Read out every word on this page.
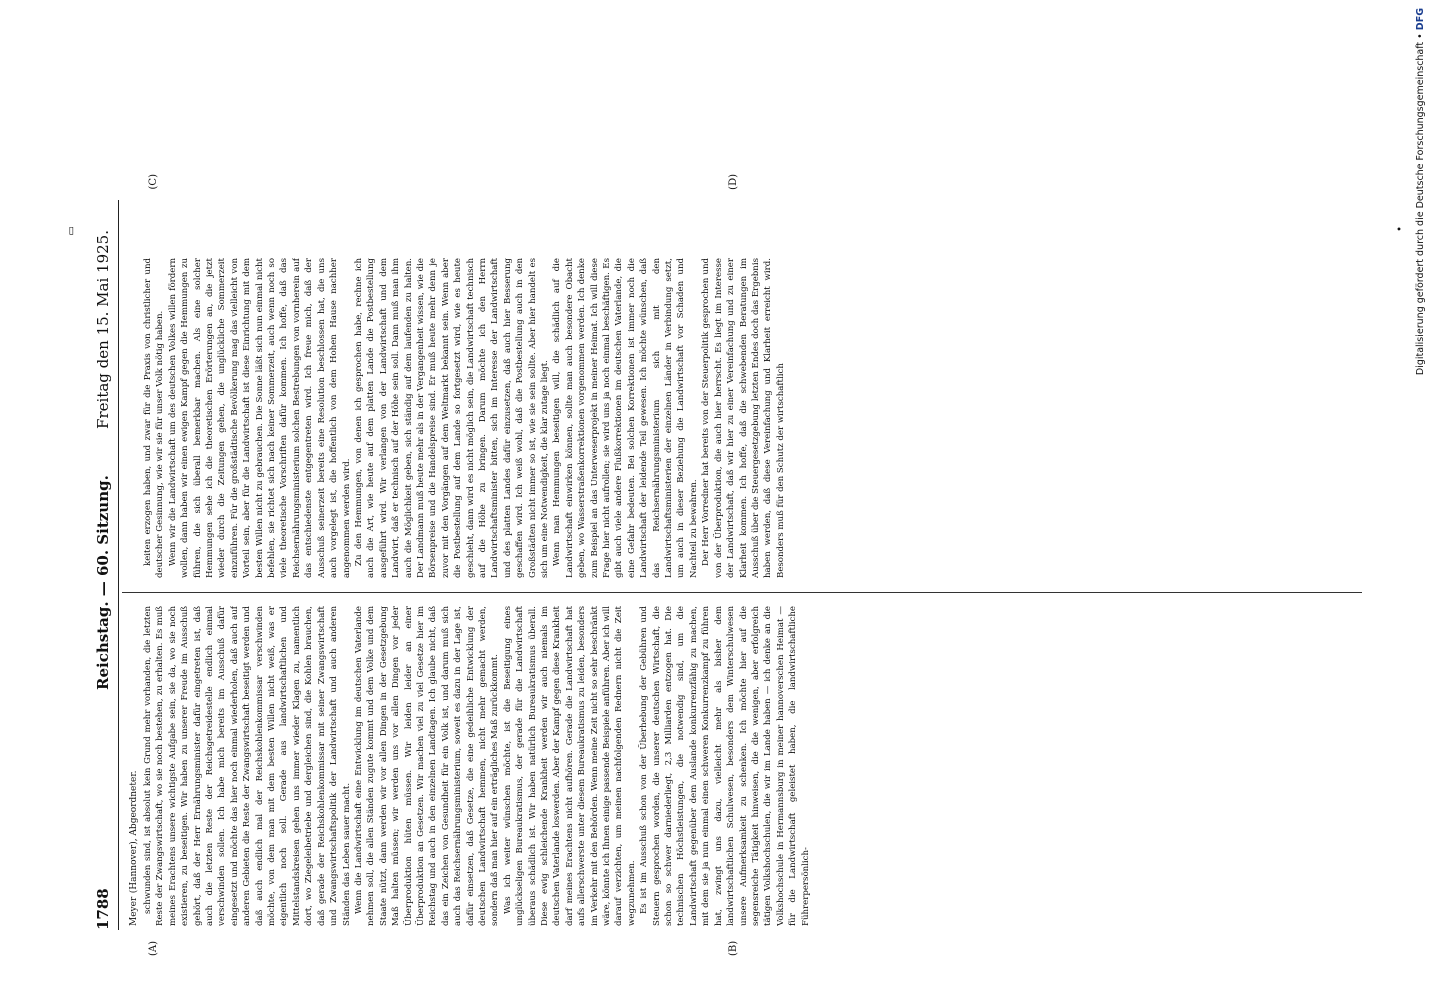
1788
Reichstag. — 60. Sitzung.
Freitag den 15. Mai 1925.
▭	•
Meyer (Hannover), Abgeordneter.
(A)	(B)
(C)	(D)

schwunden sind, ist absolut kein Grund mehr vorhanden, die letzten Reste der Zwangswirtschaft, wo sie noch bestehen, zu erhalten. Es muß meines Erachtens unsere wichtigste Aufgabe sein, sie da, wo sie noch existieren, zu beseitigen. Wir haben zu unserer Freude im Ausschuß gehört, daß der Herr Ernährungsminister dafür eingetreten ist, daß auch die letzten Reste der Reichsgetreidestelle endlich einmal verschwinden sollen. Ich habe mich bereits im Ausschuß dafür eingesetzt und möchte das hier noch einmal wiederholen, daß auch auf anderen Gebieten die Reste der Zwangswirtschaft beseitigt werden und daß auch endlich mal der Reichskohlenkommissar verschwinden möchte, von dem man mit dem besten Willen nicht weiß, was er eigentlich noch soll. Gerade aus landwirtschaftlichen und Mittelstandskreisen gehen uns immer wieder Klagen zu, namentlich dort, wo Ziegeleibetriebe und dergleichen sind, die Kohlen brauchen, daß gerade der Reichskohlenkommissar mit seiner Zwangswirtschaft und Zwangswirtschaftspolitik der Landwirtschaft und auch anderen Ständen das Leben sauer macht. Wenn die Landwirtschaft eine Entwicklung im deutschen Vaterlande nehmen soll, die allen Ständen zugute kommt und dem Volke und dem Staate nützt, dann werden wir vor allen Dingen in der Gesetzgebung Maß halten müssen; wir werden uns vor allen Dingen vor jeder Überproduktion hüten müssen. Wir leiden leider an einer Überproduktion an Gesetzen. Wir machen viel zu viel Gesetze hier im Reichstag und auch in den einzelnen Landtagen. Ich glaube nicht, daß das ein Zeichen von Gesundheit für ein Volk ist, und darum muß sich auch das Reichsernährungsministerium, soweit es dazu in der Lage ist, dafür einsetzen, daß Gesetze, die eine gedeihliche Entwicklung der deutschen Landwirtschaft hemmen, nicht mehr gemacht werden, sondern daß man hier auf ein erträgliches Maß zurückkommt. Was ich weiter wünschen möchte, ist die Beseitigung eines unglückseligen Bureaukratismus, der gerade für die Landwirtschaft überaus schädlich ist. Wir haben natürlich Bureaukratismus überall. Diese ewig schleichende Krankheit werden wir auch niemals im deutschen Vaterlande loswerden. Aber der Kampf gegen diese Krankheit darf meines Erachtens nicht aufhören. Gerade die Landwirtschaft hat aufs allerschwerste unter diesem Bureaukratismus zu leiden, besonders im Verkehr mit den Behörden. Wenn meine Zeit nicht so sehr beschränkt wäre, könnte ich Ihnen einige passende Beispiele anführen. Aber ich will darauf verzichten, um meinen nachfolgenden Rednern nicht die Zeit wegzunehmen. Es ist im Ausschuß schon von der Überhebung der Gebühren und Steuern gesprochen worden, die unserer deutschen Wirtschaft, die schon so schwer darniederliegt, 2,3 Milliarden entzogen hat. Die technischen Höchstleistungen, die notwendig sind, um die Landwirtschaft gegenüber dem Auslande konkurrenzfähig zu machen, mit dem sie ja nun einmal einen schweren Konkurrenzkampf zu führen hat, zwingt uns dazu, vielleicht mehr als bisher dem landwirtschaftlichen Schulwesen, besonders dem Winterschulwesen unsere Aufmerksamkeit zu schenken. Ich möchte hier auf die segensreiche Tätigkeit hinweisen, die die wenigen, aber erfolgreich tätigen Volkshochschulen, die wir im Lande haben — ich denke an die Volkshochschule in Hermannsburg in meiner hannoverschen Heimat — für die Landwirtschaft geleistet haben, die landwirtschaftliche Führerpersönlich-

keiten erzogen haben, und zwar für die Praxis von christlicher und deutscher Gesinnung, wie wir sie für unser Volk nötig haben. Wenn wir die Landwirtschaft um des deutschen Volkes willen fördern wollen, dann haben wir einen ewigen Kampf gegen die Hemmungen zu führen, die sich überall bemerkbar machen. Als eine solcher Hemmungen sehe ich die theoretischen Erörterungen an, die jetzt wieder durch die Zeitungen gehen, die unglückliche Sommerzeit einzuführen. Für die großstädtische Bevölkerung mag das vielleicht von Vorteil sein, aber für die Landwirtschaft ist diese Einrichtung mit dem besten Willen nicht zu gebrauchen. Die Sonne läßt sich nun einmal nicht befehlen, sie richtet sich nach keiner Sommerzeit, auch wenn noch so viele theoretische Vorschriften dafür kommen. Ich hoffe, daß das Reichsernährungsministerium solchen Bestrebungen von vornherein auf das entschiedenste entgegentreten wird. Ich freue mich, daß der Ausschuß seinerzeit bereits eine Resolution beschlossen hat, die uns auch vorgelegt ist, die hoffentlich von dem Hohen Hause nachher angenommen werden wird. Zu den Hemmungen, von denen ich gesprochen habe, rechne ich auch die Art, wie heute auf dem platten Lande die Postbestellung ausgeführt wird. Wir verlangen von der Landwirtschaft und dem Landwirt, daß er technisch auf der Höhe sein soll. Dann muß man ihm auch die Möglichkeit geben, sich ständig auf dem laufenden zu halten. Der Landmann muß heute mehr als in der Vergangenheit wissen, wie die Börsenpreise und die Handelspreise sind. Er muß heute mehr denn je zuvor mit den Vorgängen auf dem Weltmarkt bekannt sein. Wenn aber die Postbestellung auf dem Lande so fortgesetzt wird, wie es heute geschieht, dann wird es nicht möglich sein, die Landwirtschaft technisch auf die Höhe zu bringen. Darum möchte ich den Herrn Landwirtschaftsminister bitten, sich im Interesse der Landwirtschaft und des platten Landes dafür einzusetzen, daß auch hier Besserung geschaffen wird. Ich weiß wohl, daß die Postbestellung auch in den Großstädten nicht immer so ist, wie sie sein sollte. Aber hier handelt es sich um eine Notwendigkeit, die klar zutage liegt. Wenn man Hemmungen beseitigen will, die schädlich auf die Landwirtschaft einwirken können, sollte man auch besondere Obacht geben, wo Wasserstraßenkorrektionen vorgenommen werden. Ich denke zum Beispiel an das Unterweserprojekt in meiner Heimat. Ich will diese Frage hier nicht aufrollen; sie wird uns ja noch einmal beschäftigen. Es gibt auch viele andere Flußkorrektionen im deutschen Vaterlande, die eine Gefahr bedeuten. Bei solchen Korrektionen ist immer noch die Landwirtschaft der leidende Teil gewesen. Ich möchte wünschen, daß das Reichsernährungsministerium sich mit den Landwirtschaftsministerien der einzelnen Länder in Verbindung setzt, um auch in dieser Beziehung die Landwirtschaft vor Schaden und Nachteil zu bewahren. Der Herr Vorredner hat bereits von der Steuerpolitik gesprochen und von der Überproduktion, die auch hier herrscht. Es liegt im Interesse der Landwirtschaft, daß wir hier zu einer Vereinfachung und zu einer Klarheit kommen. Ich hoffe, daß die schwebenden Beratungen im Ausschuß über die Steuergesetzgebung letzten Endes doch das Ergebnis haben werden, daß diese Vereinfachung und Klarheit erreicht wird. Besonders muß für den Schutz der wirtschaftlich

Digitalisierung gefördert durch die Deutsche Forschungsgemeinschaft • DFG
